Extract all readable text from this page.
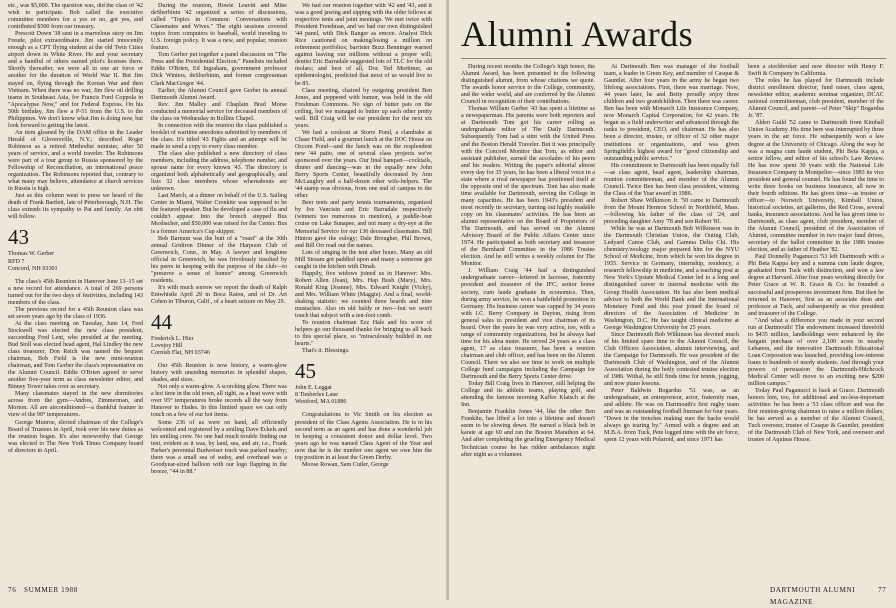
etc., was $5,000. The question was, did the class of '42 wish to participate. Bob called the executive committee members for a yes or no, got yes, and contributed $500 from our treasury.

Prescott Down '38 sent in a marvelous story on Jim Freude, pilot extraordinaire. Jim started innocently enough as a CPT flying student at the old Twin Cities airport down in White River. He and your secretary and a handful of others earned pilot's licenses there. Shortly thereafter, we were all in one air force or another for the duration of World War II. But Jim stayed on, flying through the Korean War and then Vietnam. When there was no war, Jim flew oil drilling teams in Southeast Asia, for Francis Ford Coppola in "Apocalypse Now," and for Federal Express. On his 50th birthday, Jim flew a P-51 from the U.S. to the Philippines. We don't know what Jim is doing now, but look forward to getting the latest.

An item gleaned by the DAM office in the Leader Herald of Gloversville, N.Y.; described Roger Robinson as a retired Methodist minister, after 50 years of service, and a world traveler. The Robinsons were part of a tour group to Russia sponsored by the Fellowship of Reconciliation, an international peace organization. The Robinsons reported that, contrary to what many may believe, attendance at church services in Russia is high.

Just as this column went to press we heard of the death of Frank Bartlett, late of Peterborough, N.H. The class extends its sympathy to Pat and family. An obit will follow.

43
Thomas W. Gerber
RFD 7
Concord, NH 03301

The class's 45th Reunion in Hanover June 13–15 set a new record for attendance. A total of 269 persons turned out for the two days of festivities, including 143 members of the class.

The previous record for a 45th Reunion class was set seven years ago by the class of 1936.

At the class meeting on Tuesday, June 14, Fred Stockwell was elected the new class president, succeeding Fred Lent, who presided at the meeting. Bud Stoll was elected head agent, Hal Lindley the new class treasurer, Don Reich was named the bequest chairman, Bob Field is the new mini-reunion chairman, and Tom Gerber the class's representative on the Alumni Council. Eddie O'Brien agreed to serve another five-year term as class newsletter editor, and Binney Tower takes over as secretary.

Many classmates stayed in the new dormitories across from the gym—Andres, Zimmerman, and Morton. All are airconditioned—a thankful feature in view of the 90° temperatures.

George Munroe, elected chairman of the College's Board of Trustees in April, took over his new duties as the reunion began. It's also noteworthy that George was elected to The New York Times Company board of directors in April.

During the reunion, Howie Leavitt and Mike deSherbinin '42 organized a series of discussions, called "Topics in Common: Conversations with Classmates and Wives." The eight sessions covered topics from computers to baseball, world traveling to U.S. foreign policy. It was a new, and popular, reunion feature.

Tom Gerber put together a panel discussion on "The Press and the Presidential Election." Panelists included Eddie O'Brien, Ed Ingraham, government professor Dick Winters, deSherbinin, and former congressman Clark MacGregor '44.

Earlier, the Alumni Council gave Gerber its annual Dartmouth Alumni Award.

Rev. Jim Malley and Chaplain Brad Morse conducted a memorial service for deceased members of the class on Wednesday in Rollins Chapel.

In connection with the reunion the class published a booklet of wartime anecdotes submitted by members of the class. It's titled '43 Fights and an attempt will be made to send a copy to every class member.

The class also published a new directory of class members, including the address, telephone number, and spouse name for every known '43. The directory is organized both alphabetically and geographically, and lists 32 class members whose whereabouts are unknown.

Last March, at a dinner on behalf of the U.S. Sailing Center in Miami, Walter Cronkite was supposed to be the featured speaker. But he developed a case of flu and couldn't appear. Into the breech stepped Bus Mosbacher, and $50,000 was raised for the Center. Bus is a former America's Cup skipper.

Bob Barnum was the butt of a "roast" at the 30th annual Gridiron Dinner of the Harpoon Club of Greenwich, Conn., in May. A lawyer and longtime official in Greenwich, he was frivolously insulted by his peers in keeping with the purpose of the club—to "preserve a sense of humor" among Greenwich residents.

It's with much sorrow we report the death of Ralph Entwhistle April 29 in Boca Raton, and of Dr. Art Cohen in Tiburon, Calif., of a heart seizure on May 29.

44
Frederick L. Hier
Lovejoy Hill
Cornish Flat, NH 03746

Our 45th Reunion is now history, a warm-glow history with unending memories in splendid shapes, shades, and sizes.

Not only a warm-glow. A scorching glow. There was a hot time in the old town, all right, as a heat wave with over 95° temperatures broke records all the way from Hanover to Hades. In this limited space we can only touch on a few of our hot items.

Some 236 of us were on hand, all efficiently welcomed and registered by a smiling Dave Eckels and his smiling crew. No one had much trouble finding our tent, evident as it was, by land, sea, and air, i.e., Frank Parker's perennial Budweiser truck was parked nearby; there was a small sea of sudsy, and overhead was a Goodyear-sized balloon with our logo flapping in the breeze, "44 in 88."

We had our reunion together with '42 and '43, and it was a good jawing and sipping with the older fellows at respective tents and joint meetings. We met twice with President Freedman, and we had our own distinguished '44 panel, with Dick Ranger as emcee. Analyst Dick Rice cautioned on making/losing a million on retirement portfolios; barrister Buzz Benninger warned against leaving our millions without a proper will; dentist Eric Barradale suggested lots of TLC for the old molars; and best of all, Doc Ted Mortimer, an epidemiologist, predicted that most of us would live to be 85.

Class meeting, chaired by outgoing president Ben Jones, and peppered with humor, was held in the old Freshman Commons. No sign of butter pats on the ceiling, but we managed to butter up each other pretty well. Bill Craig will be our president for the next six years.

We had a cookout at Storrs Pond, a clambake at Chase Field, and a gourmet lunch at the DOC House on Occom Pond—and the lunch was on the resplendent new '44 patio, one of several class projects we've sponsored over the years. Our final banquet—cocktails, dinner and dancing—was in the equally new John Berry Sports Center, beautifully decorated by Ann McLaughry and a half-dozen other wife-helpers. The '44 stamp was obvious, from one end of campus to the other.

Beer tents and party tennis tournaments, organized by Joe Vancisin and Eric Barradale respectively (winners too numerous to mention), a paddle-boat cruise on Lake Sunapee, and not many a dry-eye at the Memorial Service for our 136 deceased classmates. Bill Hinton gave the eulogy; Dale Brougher, Phil Brown, and Bill Orr read out the names.

Lots of singing in the tent after hours. Many an old Mill Stream got paddled upon and many a someone got caught in the kitchen with Dinah.

Happily, five widows joined us in Hanover: Mrs. Robert Allen (Jean), Mrs. Hap Bush (Mary), Mrs. Ronald King (Joanne), Mrs. Edward Knight (Vicky), and Mrs. William White (Maggie). And a final, world-shaking statistic: we counted three beards and nine mustaches. Also on old baldy or two—but we won't touch that subject with a ten-foot comb.

To reunion chairman Ezz Hale and his score of helpers go our thousand thanks for bringing us all back to this special place, so "miraculously builded in our hearts."

That's it. Blessings.

45
John E. Leggat
8 Timberlee Lane
Westford, MA 01886

Congratulations to Vic Smith on his election as president of the Class Agents Association. He is in his second term as an agent and has done a wonderful job in keeping a consistent donor and dollar level. Two years ago he was named Class Agent of the Year and now that he is the number one agent we owe him the top position in at least the Green Derby.

Moose Rowan, Sam Cutler, George

76 SUMMER 1988
Alumni Awards

During recent months the College's high honor, the Alumni Award, has been presented to the following distinguished alumni, from whose citations we quote. The awards honor service to the College, community, and the wider world, and are conferred by the Alumni Council in recognition of their contributions.

Thomas William Gerber '43 has spent a lifetime as a newspaperman. His parents were both reporters and at Dartmouth Tom got his career rolling as undergraduate editor of The Daily Dartmouth. Subsequently Tom had a stint with the United Press and the Boston Herald Traveler. But it was principally with the Concord Monitor that Tom, as editor and assistant publisher, earned the accolades of his peers and his readers. Writing the paper's editorial almost every day for 35 years, he has been a liberal voice in a state where a rival newspaper has positioned itself at the opposite end of the spectrum. Tom has also made time available for Dartmouth, serving the College in many capacities. He has been 1943's president and most recently its secretary, turning out highly readable copy on his classmates' activities. He has been an alumni representative on the Board of Proprietors of The Dartmouth, and has served on the Alumni Advisory Board of the Public Affairs Center since 1974. He participated as both secretary and treasurer of the Bernhard Committee in the 1986 Trustee election. And he still writes a weekly column for The Monitor.

J. William Craig '44 had a distinguished undergraduate career—lettered in lacrosse, fraternity president and treasurer of the IFC, senior honor society, cum laude graduate in economics. Then, during army service, he won a battlefield promotion in Germany. His business career was capped by 34 years with I.C. Berry Company in Dayton, rising from general sales to president and vice chairman of its board. Over the years he was very active, too, with a range of community organizations, but he always had time for his alma mater. He served 24 years as a class agent, 17 as class treasurer, has been a reunion chairman and club officer, and has been on the Alumni Council. There we also see time to work on multiple College fund campaigns including the Campaign for Dartmouth and the Berry Sports Center drive.

Today Bill Craig lives in Hanover, still helping the College and its athletic teams, playing golf, and attending the famous morning Kaffee Klatsch at the Inn.

Benjamin Franklin Jones '44, like the other Ben Franklin, has lifted a lot into a lifetime and doesn't seem to be slowing down. He earned a black belt in karate at age 60 and ran the Boston Marathon at 64. And after completing the grueling Emergency Medical Technician course he has ridden ambulances night after night as a volunteer.

At Dartmouth Ben was manager of the football team, a leader in Green Key, and member of Casque & Gauntlet. After four years in the army he began two lifelong associations. First, there was marriage. Now, 44 years later, he and Betty proudly enjoy three children and two grandchildren. Then there was career. Ben has been with Monarch Life Insurance Company, now Monarch Capital Corporation, for 42 years. He began as a field underwriter and advanced through the ranks to president, CEO, and chairman. He has also been a director, trustee, or officer of 32 other major institutions or organizations, and was given Springfield's highest award for "good citizenship and outstanding public service."

His commitment to Dartmouth has been equally full—as class agent, head agent, leadership chairman, reunion committeeman, and member of the Alumni Council. Twice Ben has been class president, winning the Class of the Year award in 1986.

Robert Shaw Wilkinson Jr. '50 came to Dartmouth from the Mount Hermon School in Northfield, Mass.—following his father of the class of '24, and preceding daughter Amy '78 and son Robert '81.

While he was at Dartmouth Bob Wilkinson was in the Dartmouth Christian Union, the Outing Club, Ledyard Canoe Club, and Gamma Delta Chi. His chemistry/zoology major prepared him for the NYU School of Medicine, from which he won his degree in 1955. Service in Germany, internship, residency, a research fellowship in medicine, and a teaching post at New York's Upstate Medical Center led to a long and distinguished career in internal medicine with the Group Health Association. He has also been medical advisor to both the World Bank and the International Monetary Fund and this year joined the board of directors of the Association of Medicine in Washington, D.C. He has taught clinical medicine at George Washington University for 25 years.

Since Dartmouth Bob Wilkinson has devoted much of his limited spare time to the Alumni Council, the Club Officers Association, alumni interviewing, and the Campaign for Dartmouth. He was president of the Dartmouth Club of Washington, and of the Alumni Association during the hotly contested trustee election of 1986. Withal, he still finds time for tennis, jogging, and now piano lessons.

Peter Baldwin Bogardus '51 was, as an undergraduate, an entrepreneur, actor, fraternity man, and athlete. He was on Dartmouth's first rugby team and was an outstanding football lineman for four years. "Down in the trenches making sure the backs would always go tearing by." Armed with a degree and an M.B.A. from Tuck, Pete logged time with the air force, spent 12 years with Polaroid, and since 1971 has

been a stockbroker and now director with Henry F. Swift & Company in California.

The roles he has played for Dartmouth include district enrollment director, fund raiser, class agent, newsletter editor, academic seminar organizer, DCAC national committeeman, club president, member of the Alumni Council, and parent—of Peter "Skip" Bogardus Jr. '87.

Alden Guild '52 came to Dartmouth from Kimball Union Academy. His time here was interrupted by three years in the air force. He subsequently won a law degree at the University of Chicago. Along the way he was a magna cum laude student, Phi Beta Kappa, a senior fellow, and editor of his school's Law Review. He has now spent 30 years with the National Life Insurance Company in Montpelier—since 1983 its vice president and general counsel. He has found the time to write three books on business insurance, all now in their fourth editions. He has given time—as trustee or officer—to Norwich University, Kimball Union, historical societies, art galleries, the Red Cross, several banks, insurance associations. And he has given time to Dartmouth, as class agent, club president, member of the Alumni Council, president of the Association of Alumni, committee member in two major fund drives, secretary of the ballot committee in the 1986 trustee election, and as father of Heather '82.

Paul Donnelly Paganucci '53 left Dartmouth with a Phi Beta Kappa key and a summa cum laude degree, graduated from Tuck with distinction, and won a law degree at Harvard. After four years working directly for Peter Grace at W. R. Grace & Co. he founded a successful and prosperous investment firm. But then he returned to Hanover, first as an associate dean and professor at Tuck, and subsequently as vice president and treasurer of the College.

"And what a difference you made in your second run at Dartmouth! The endowment increased threefold to $435 million, landholdings were enhanced by the bargain purchase of over 2,100 acres in nearby Lebanon, and the innovative Dartmouth Educational Loan Corporation was launched, providing low-interest loans to hundreds of needy students. And through your powers of persuasion the Dartmouth-Hitchcock Medical Center will move to an exciting new $200 million campus."

Today Paul Paganucci is back at Grace. Dartmouth honors him, too, for additional and no-less-important activities: he has been a '53 class officer and was the first reunion-giving chairman to raise a million dollars; he has served as a member of the Alumni Council, Tuck overseer, trustee of Casque & Gauntlet, president of the Dartmouth Club of New York, and overseer and trustee of Aquinas House.

DARTMOUTH ALUMNI MAGAZINE
77
